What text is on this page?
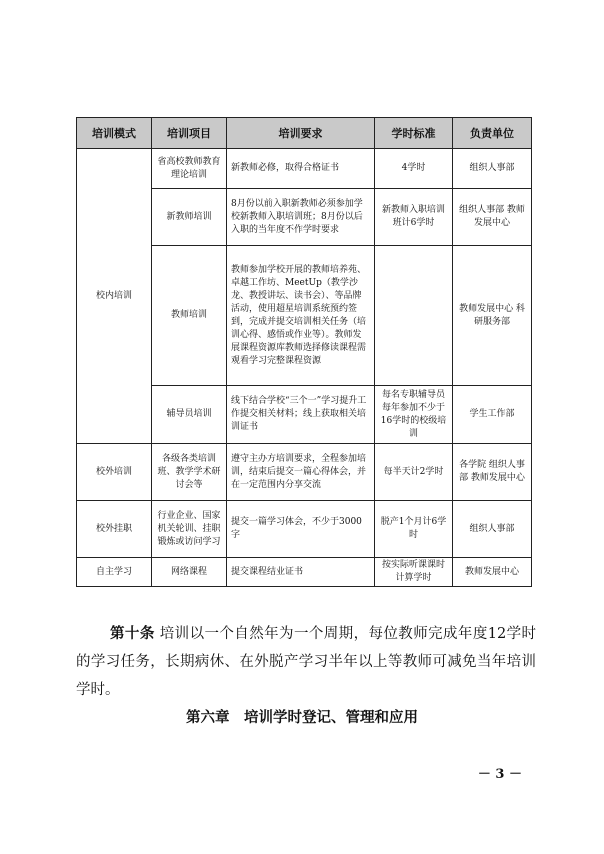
培训模式	培训项目	培训要求	学时标准	负责单位
校内培训	省高校教师教育理论培训	新教师必修，取得合格证书	4学时	组织人事部
	新教师培训	8月份以前入职新教师必须参加学校新教师入职培训班；8月份以后入职的当年度不作学时要求	新教师入职培训班计6学时	组织人事部 教师发展中心
	教师培训	教师参加学校开展的教师培养苑、卓越工作坊、MeetUp（教学沙龙、教授讲坛、读书会）、等品牌活动，使用超星培训系统预约签到，完成并提交培训相关任务（培训心得、感悟或作业等）。教师发展课程资源库教师选择修读课程需观看学习完整课程资源		教师发展中心 科研服务部
	辅导员培训	线下结合学校“三个一”学习提升工作提交相关材料；线上获取相关培训证书	每名专职辅导员每年参加不少于16学时的校级培训	学生工作部
校外培训	各级各类培训班、教学学术研讨会等	遵守主办方培训要求，全程参加培训，结束后提交一篇心得体会，并在一定范围内分享交流	每半天计2学时	各学院 组织人事部 教师发展中心
校外挂职	行业企业、国家机关轮训、挂职锻炼或访问学习	提交一篇学习体会，不少于3000字	脱产1个月计6学时	组织人事部
自主学习	网络课程	提交课程结业证书	按实际听课课时计算学时	教师发展中心

第十条 培训以一个自然年为一个周期，每位教师完成年度12学时的学习任务，长期病休、在外脱产学习半年以上等教师可减免当年培训学时。

第六章　培训学时登记、管理和应用
－ 3 －
